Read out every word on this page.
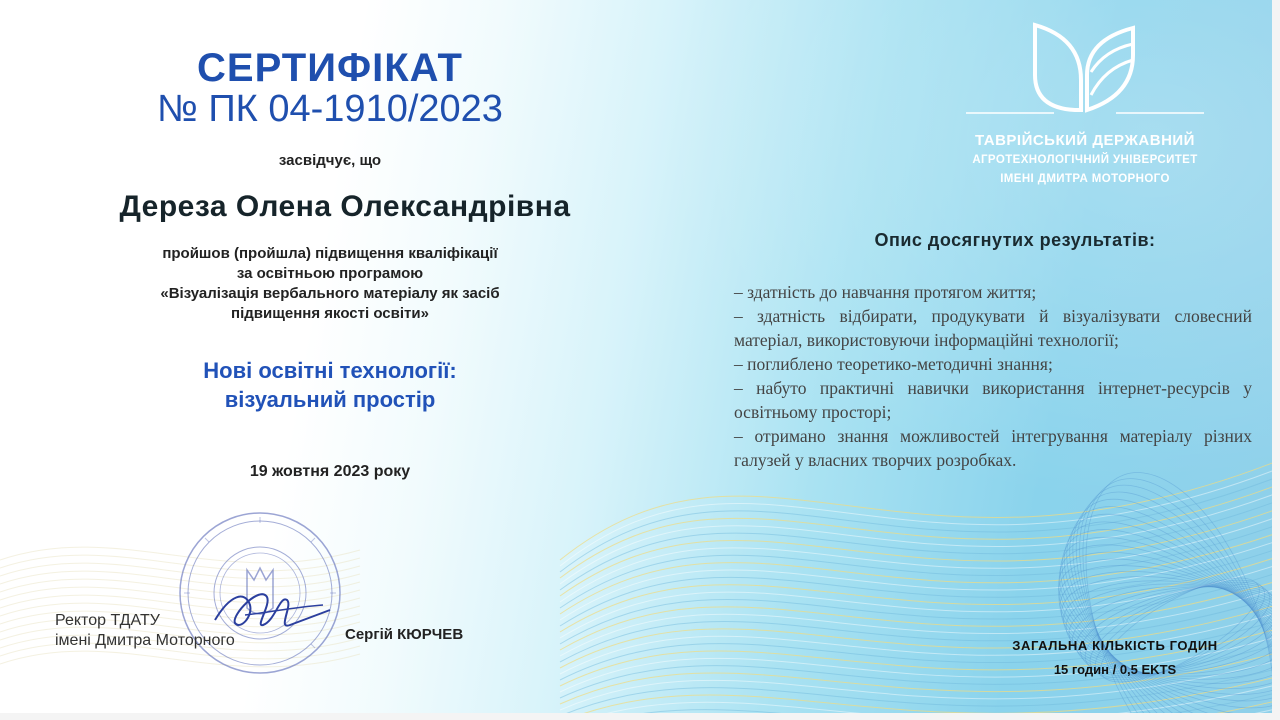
СЕРТИФІКАТ
№ ПК 04-1910/2023
засвідчує, що
Дереза Олена Олександрівна
пройшов (пройшла) підвищення кваліфікації
за освітньою програмою
«Візуалізація вербального матеріалу як засіб
підвищення якості освіти»
Нові освітні технології:
візуальний простір
19 жовтня 2023 року
Ректор ТДАТУ
імені Дмитра Моторного	Сергій КЮРЧЕВ
ТАВРІЙСЬКИЙ ДЕРЖАВНИЙ
АГРОТЕХНОЛОГІЧНИЙ УНІВЕРСИТЕТ
ІМЕНІ ДМИТРА МОТОРНОГО
Опис досягнутих результатів:
– здатність до навчання протягом життя;
– здатність відбирати, продукувати й візуалізувати словесний матеріал, використовуючи інформаційні технології;
– поглиблено теоретико-методичні знання;
– набуто практичні навички використання інтернет-ресурсів у освітньому просторі;
– отримано знання можливостей інтегрування матеріалу різних галузей у власних творчих розробках.
ЗАГАЛЬНА КІЛЬКІСТЬ ГОДИН
15 годин / 0,5 EKTS
